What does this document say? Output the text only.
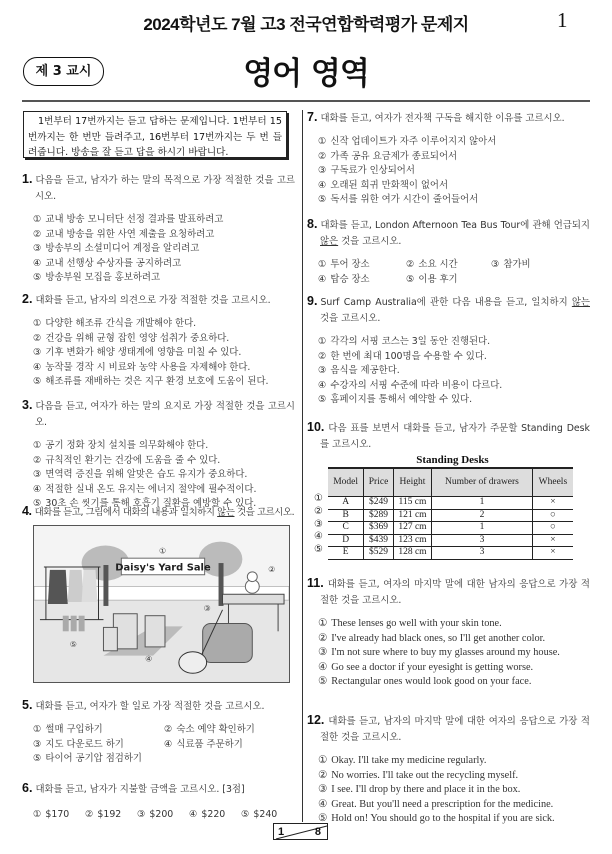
2024학년도 7월 고3 전국연합학력평가 문제지	1
제 3 교시	영어 영역
1번부터 17번까지는 듣고 답하는 문제입니다. 1번부터 15번까지는 한 번만 들려주고, 16번부터 17번까지는 두 번 들려줍니다. 방송을 잘 듣고 답을 하시기 바랍니다.
1. 다음을 듣고, 남자가 하는 말의 목적으로 가장 적절한 것을 고르시오.
① 교내 방송 모니터단 선정 결과를 발표하려고
② 교내 방송을 위한 사연 제출을 요청하려고
③ 방송부의 소셜미디어 계정을 알리려고
④ 교내 선행상 수상자를 공지하려고
⑤ 방송부원 모집을 홍보하려고
2. 대화를 듣고, 남자의 의견으로 가장 적절한 것을 고르시오.
① 다양한 해조류 간식을 개발해야 한다.
② 건강을 위해 균형 잡힌 영양 섭취가 중요하다.
③ 기후 변화가 해양 생태계에 영향을 미칠 수 있다.
④ 농작물 경작 시 비료와 농약 사용을 자제해야 한다.
⑤ 해조류를 재배하는 것은 지구 환경 보호에 도움이 된다.
3. 다음을 듣고, 여자가 하는 말의 요지로 가장 적절한 것을 고르시오.
① 공기 정화 장치 설치를 의무화해야 한다.
② 규칙적인 환기는 건강에 도움을 줄 수 있다.
③ 면역력 증진을 위해 알맞은 습도 유지가 중요하다.
④ 적절한 실내 온도 유지는 에너지 절약에 필수적이다.
⑤ 30초 손 씻기를 통해 호흡기 질환을 예방할 수 있다.
4. 대화를 듣고, 그림에서 대화의 내용과 일치하지 않는 것을 고르시오.
Daisy's Yard Sale
①
②
③
④
⑤
5. 대화를 듣고, 여자가 할 일로 가장 적절한 것을 고르시오.
① 썰매 구입하기	② 숙소 예약 확인하기
③ 지도 다운로드 하기	④ 식료품 주문하기
⑤ 타이어 공기압 점검하기
6. 대화를 듣고, 남자가 지불할 금액을 고르시오. [3점]
① $170	② $192	③ $200	④ $220	⑤ $240
7. 대화를 듣고, 여자가 전자책 구독을 해지한 이유를 고르시오.
① 신작 업데이트가 자주 이루어지지 않아서
② 가족 공유 요금제가 종료되어서
③ 구독료가 인상되어서
④ 오래된 희귀 만화책이 없어서
⑤ 독서를 위한 여가 시간이 줄어들어서
8. 대화를 듣고, London Afternoon Tea Bus Tour에 관해 언급되지 않은 것을 고르시오.
① 투어 장소	② 소요 시간	③ 참가비
④ 탑승 장소	⑤ 이용 후기
9. Surf Camp Australia에 관한 다음 내용을 듣고, 일치하지 않는 것을 고르시오.
① 각각의 서핑 코스는 3일 동안 진행된다.
② 한 번에 최대 100명을 수용할 수 있다.
③ 음식을 제공한다.
④ 수강자의 서핑 수준에 따라 비용이 다르다.
⑤ 홈페이지를 통해서 예약할 수 있다.
10. 다음 표를 보면서 대화를 듣고, 남자가 주문할 Standing Desk를 고르시오.
Standing Desks
Model	Price	Height	Number of drawers	Wheels
A	$249	115 cm	1	×
B	$289	121 cm	2	○
C	$369	127 cm	1	○
D	$439	123 cm	3	×
E	$529	128 cm	3	×
①
②
③
④
⑤
11. 대화를 듣고, 여자의 마지막 말에 대한 남자의 응답으로 가장 적절한 것을 고르시오.
① These lenses go well with your skin tone.
② I've already had black ones, so I'll get another color.
③ I'm not sure where to buy my glasses around my house.
④ Go see a doctor if your eyesight is getting worse.
⑤ Rectangular ones would look good on your face.
12. 대화를 듣고, 남자의 마지막 말에 대한 여자의 응답으로 가장 적절한 것을 고르시오.
① Okay. I'll take my medicine regularly.
② No worries. I'll take out the recycling myself.
③ I see. I'll drop by there and place it in the box.
④ Great. But you'll need a prescription for the medicine.
⑤ Hold on! You should go to the hospital if you are sick.
1	8
